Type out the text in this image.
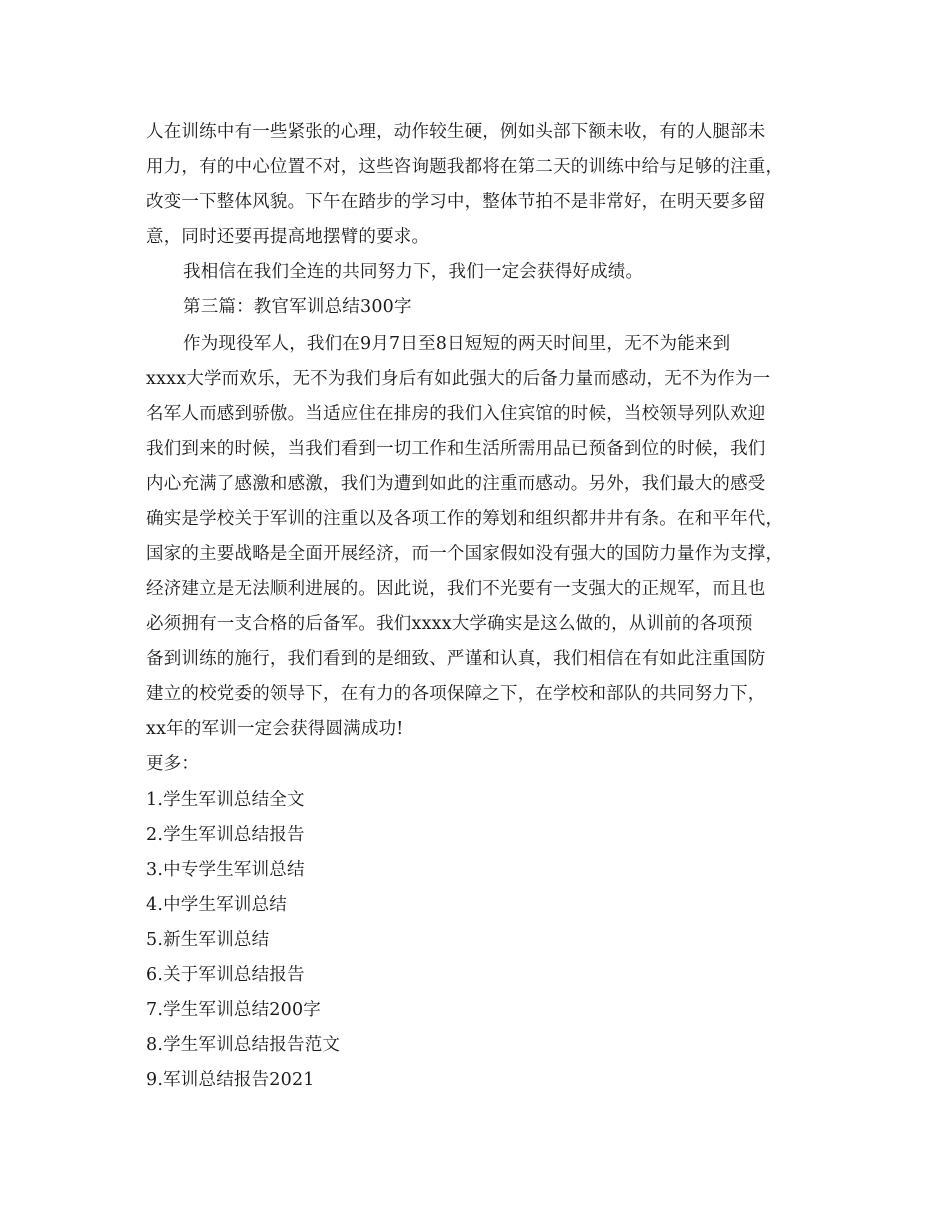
人在训练中有一些紧张的心理，动作较生硬，例如头部下额未收，有的人腿部未
用力，有的中心位置不对，这些咨询题我都将在第二天的训练中给与足够的注重，
改变一下整体风貌。下午在踏步的学习中，整体节拍不是非常好，在明天要多留
意，同时还要再提高地摆臂的要求。
我相信在我们全连的共同努力下，我们一定会获得好成绩。
第三篇：教官军训总结300字
作为现役军人，我们在9月7日至8日短短的两天时间里，无不为能来到
xxxx大学而欢乐，无不为我们身后有如此强大的后备力量而感动，无不为作为一
名军人而感到骄傲。当适应住在排房的我们入住宾馆的时候，当校领导列队欢迎
我们到来的时候，当我们看到一切工作和生活所需用品已预备到位的时候，我们
内心充满了感激和感激，我们为遭到如此的注重而感动。另外，我们最大的感受
确实是学校关于军训的注重以及各项工作的筹划和组织都井井有条。在和平年代，
国家的主要战略是全面开展经济，而一个国家假如没有强大的国防力量作为支撑，
经济建立是无法顺利进展的。因此说，我们不光要有一支强大的正规军，而且也
必须拥有一支合格的后备军。我们xxxx大学确实是这么做的，从训前的各项预
备到训练的施行，我们看到的是细致、严谨和认真，我们相信在有如此注重国防
建立的校党委的领导下，在有力的各项保障之下，在学校和部队的共同努力下，
xx年的军训一定会获得圆满成功!
更多：
1.学生军训总结全文
2.学生军训总结报告
3.中专学生军训总结
4.中学生军训总结
5.新生军训总结
6.关于军训总结报告
7.学生军训总结200字
8.学生军训总结报告范文
9.军训总结报告2021
